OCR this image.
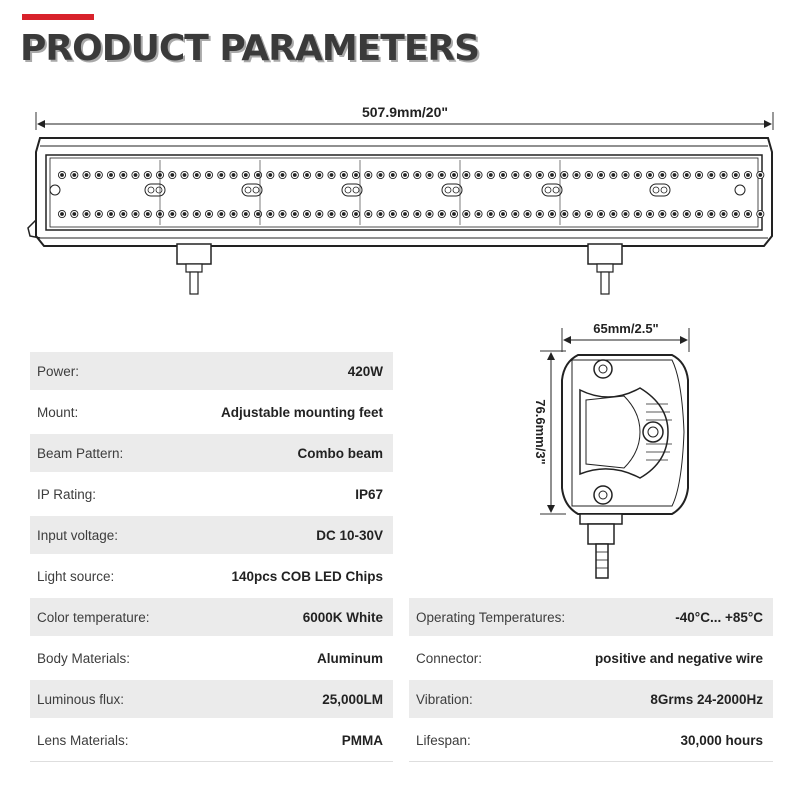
PRODUCT PARAMETERS
507.9mm/20"
65mm/2.5"
76.6mm/3"
Power:	420W
Mount:	Adjustable mounting feet
Beam Pattern:	Combo beam
IP Rating:	IP67
Input voltage:	DC 10-30V
Light source:	140pcs COB LED Chips
Color temperature:	6000K White
Body Materials:	Aluminum
Luminous flux:	25,000LM
Lens Materials:	PMMA
Operating Temperatures:	-40°C... +85°C
Connector:	positive and negative wire
Vibration:	8Grms 24-2000Hz
Lifespan:	30,000 hours
